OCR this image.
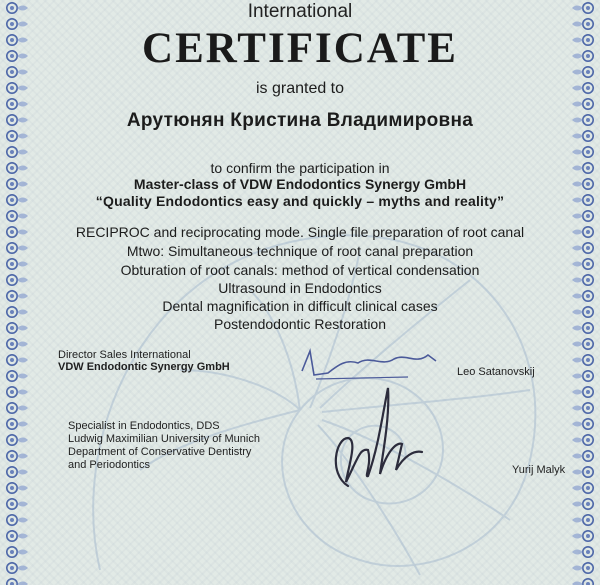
International
CERTIFICATE
is granted to
Арутюнян Кристина Владимировна
to confirm the participation in
Master-class of VDW Endodontics Synergy GmbH
“Quality Endodontics easy and quickly – myths and reality”
RECIPROC and reciprocating mode. Single file preparation of root canal
Mtwo: Simultaneous technique of root canal preparation
Obturation of root canals: method of vertical condensation
Ultrasound in Endodontics
Dental magnification in difficult clinical cases
Postendodontic Restoration
Director Sales International
VDW Endodontic Synergy GmbH	Leo Satanovskij
Specialist in Endodontics, DDS
Ludwig Maximilian University of Munich
Department of Conservative Dentistry
and Periodontics	Yurij Malyk
